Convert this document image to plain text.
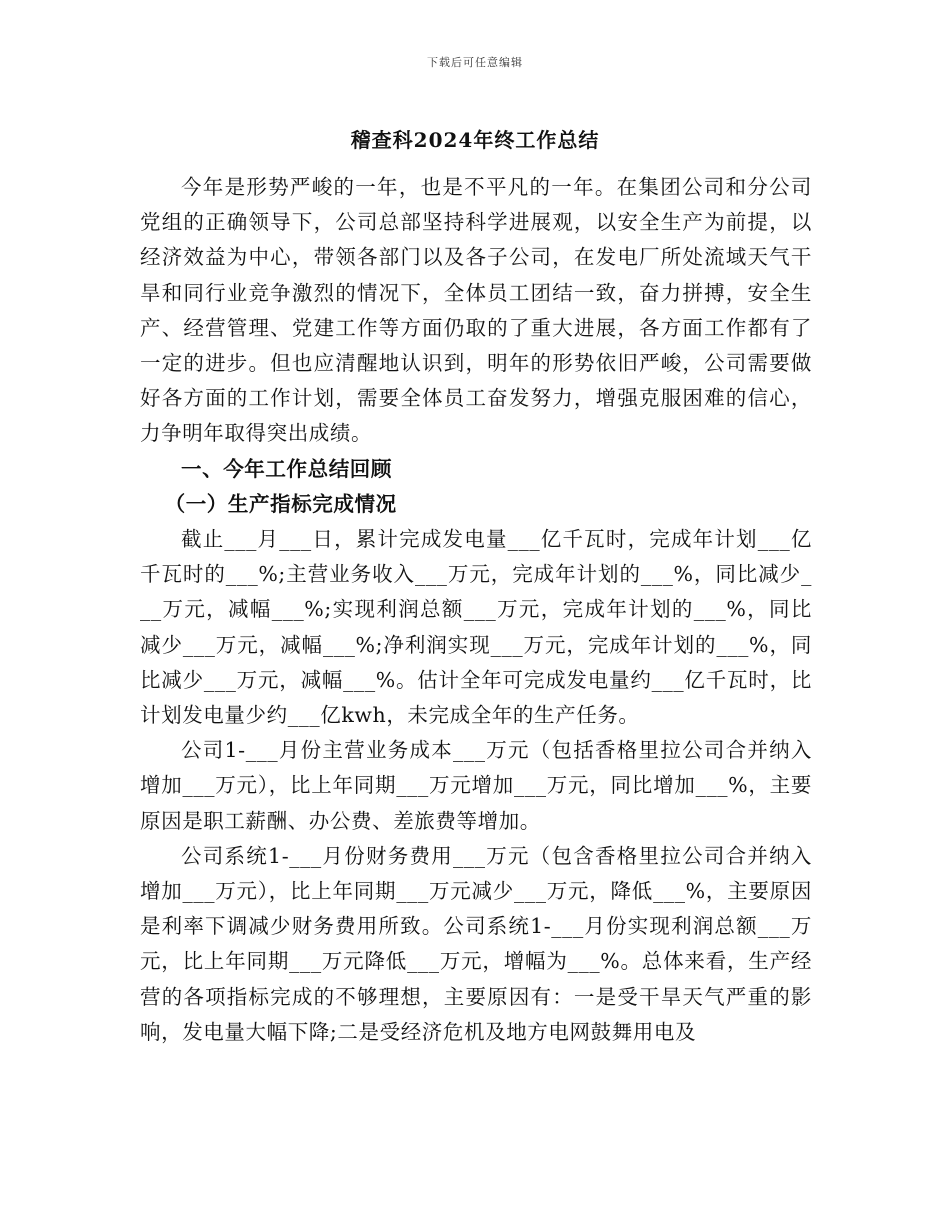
下载后可任意编辑
稽查科2024年终工作总结

今年是形势严峻的一年，也是不平凡的一年。在集团公司和分公司党组的正确领导下，公司总部坚持科学进展观，以安全生产为前提，以经济效益为中心，带领各部门以及各子公司，在发电厂所处流域天气干旱和同行业竞争激烈的情况下，全体员工团结一致，奋力拼搏，安全生产、经营管理、党建工作等方面仍取的了重大进展，各方面工作都有了一定的进步。但也应清醒地认识到，明年的形势依旧严峻，公司需要做好各方面的工作计划，需要全体员工奋发努力，增强克服困难的信心，力争明年取得突出成绩。

一、今年工作总结回顾

（一）生产指标完成情况

截止___月___日，累计完成发电量___亿千瓦时，完成年计划___亿千瓦时的___%;主营业务收入___万元，完成年计划的___%，同比减少___万元，减幅___%;实现利润总额___万元，完成年计划的___%，同比减少___万元，减幅___%;净利润实现___万元，完成年计划的___%，同比减少___万元，减幅___%。估计全年可完成发电量约___亿千瓦时，比计划发电量少约___亿kwh，未完成全年的生产任务。

公司1-___月份主营业务成本___万元（包括香格里拉公司合并纳入增加___万元），比上年同期___万元增加___万元，同比增加___%，主要原因是职工薪酬、办公费、差旅费等增加。

公司系统1-___月份财务费用___万元（包含香格里拉公司合并纳入增加___万元），比上年同期___万元减少___万元，降低___%，主要原因是利率下调减少财务费用所致。公司系统1-___月份实现利润总额___万元，比上年同期___万元降低___万元，增幅为___%。总体来看，生产经营的各项指标完成的不够理想，主要原因有：一是受干旱天气严重的影响，发电量大幅下降;二是受经济危机及地方电网鼓舞用电及
